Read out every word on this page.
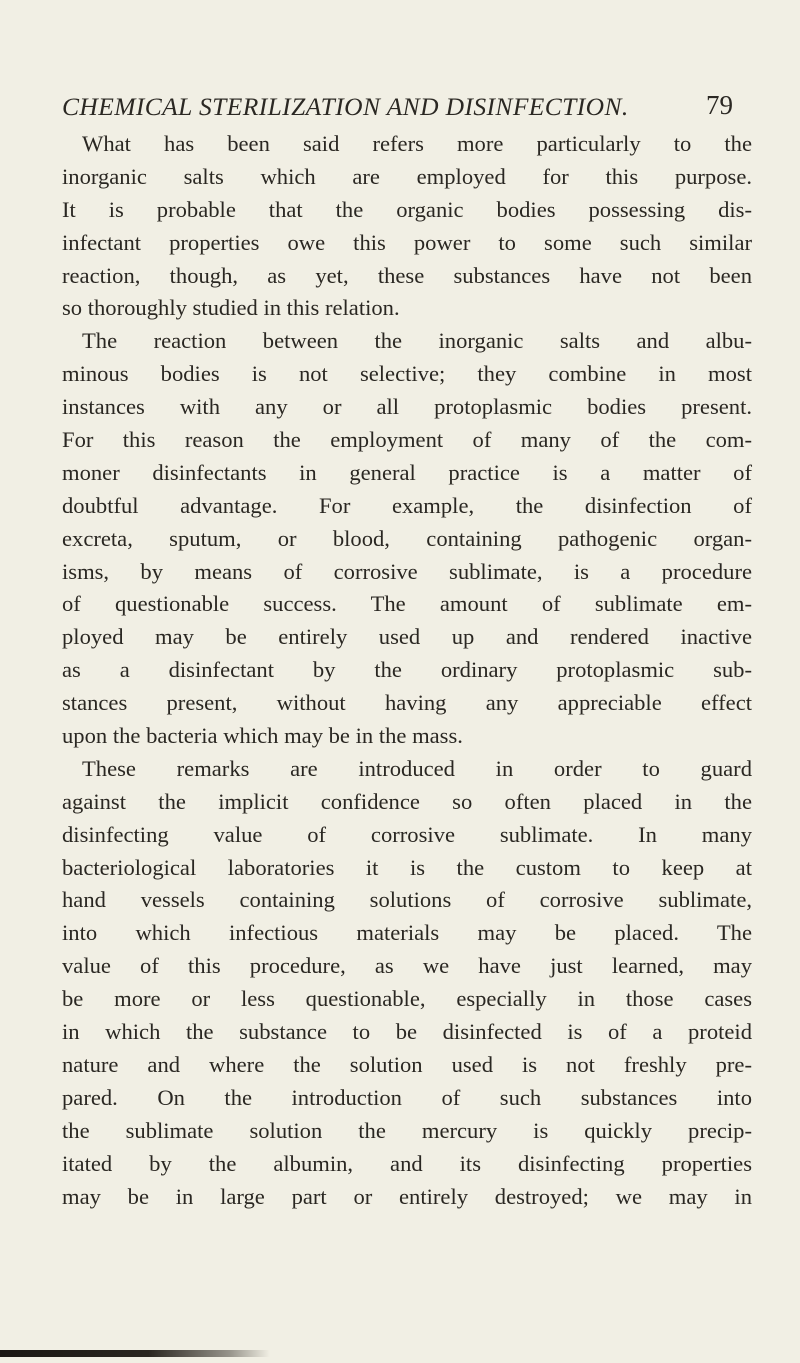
CHEMICAL STERILIZATION AND DISINFECTION.	79
What has been said refers more particularly to the
inorganic salts which are employed for this purpose.
It is probable that the organic bodies possessing dis-
infectant properties owe this power to some such similar
reaction, though, as yet, these substances have not been
so thoroughly studied in this relation.
The reaction between the inorganic salts and albu-
minous bodies is not selective; they combine in most
instances with any or all protoplasmic bodies present.
For this reason the employment of many of the com-
moner disinfectants in general practice is a matter of
doubtful advantage. For example, the disinfection of
excreta, sputum, or blood, containing pathogenic organ-
isms, by means of corrosive sublimate, is a procedure
of questionable success. The amount of sublimate em-
ployed may be entirely used up and rendered inactive
as a disinfectant by the ordinary protoplasmic sub-
stances present, without having any appreciable effect
upon the bacteria which may be in the mass.
These remarks are introduced in order to guard
against the implicit confidence so often placed in the
disinfecting value of corrosive sublimate. In many
bacteriological laboratories it is the custom to keep at
hand vessels containing solutions of corrosive sublimate,
into which infectious materials may be placed. The
value of this procedure, as we have just learned, may
be more or less questionable, especially in those cases
in which the substance to be disinfected is of a proteid
nature and where the solution used is not freshly pre-
pared. On the introduction of such substances into
the sublimate solution the mercury is quickly precip-
itated by the albumin, and its disinfecting properties
may be in large part or entirely destroyed; we may in
